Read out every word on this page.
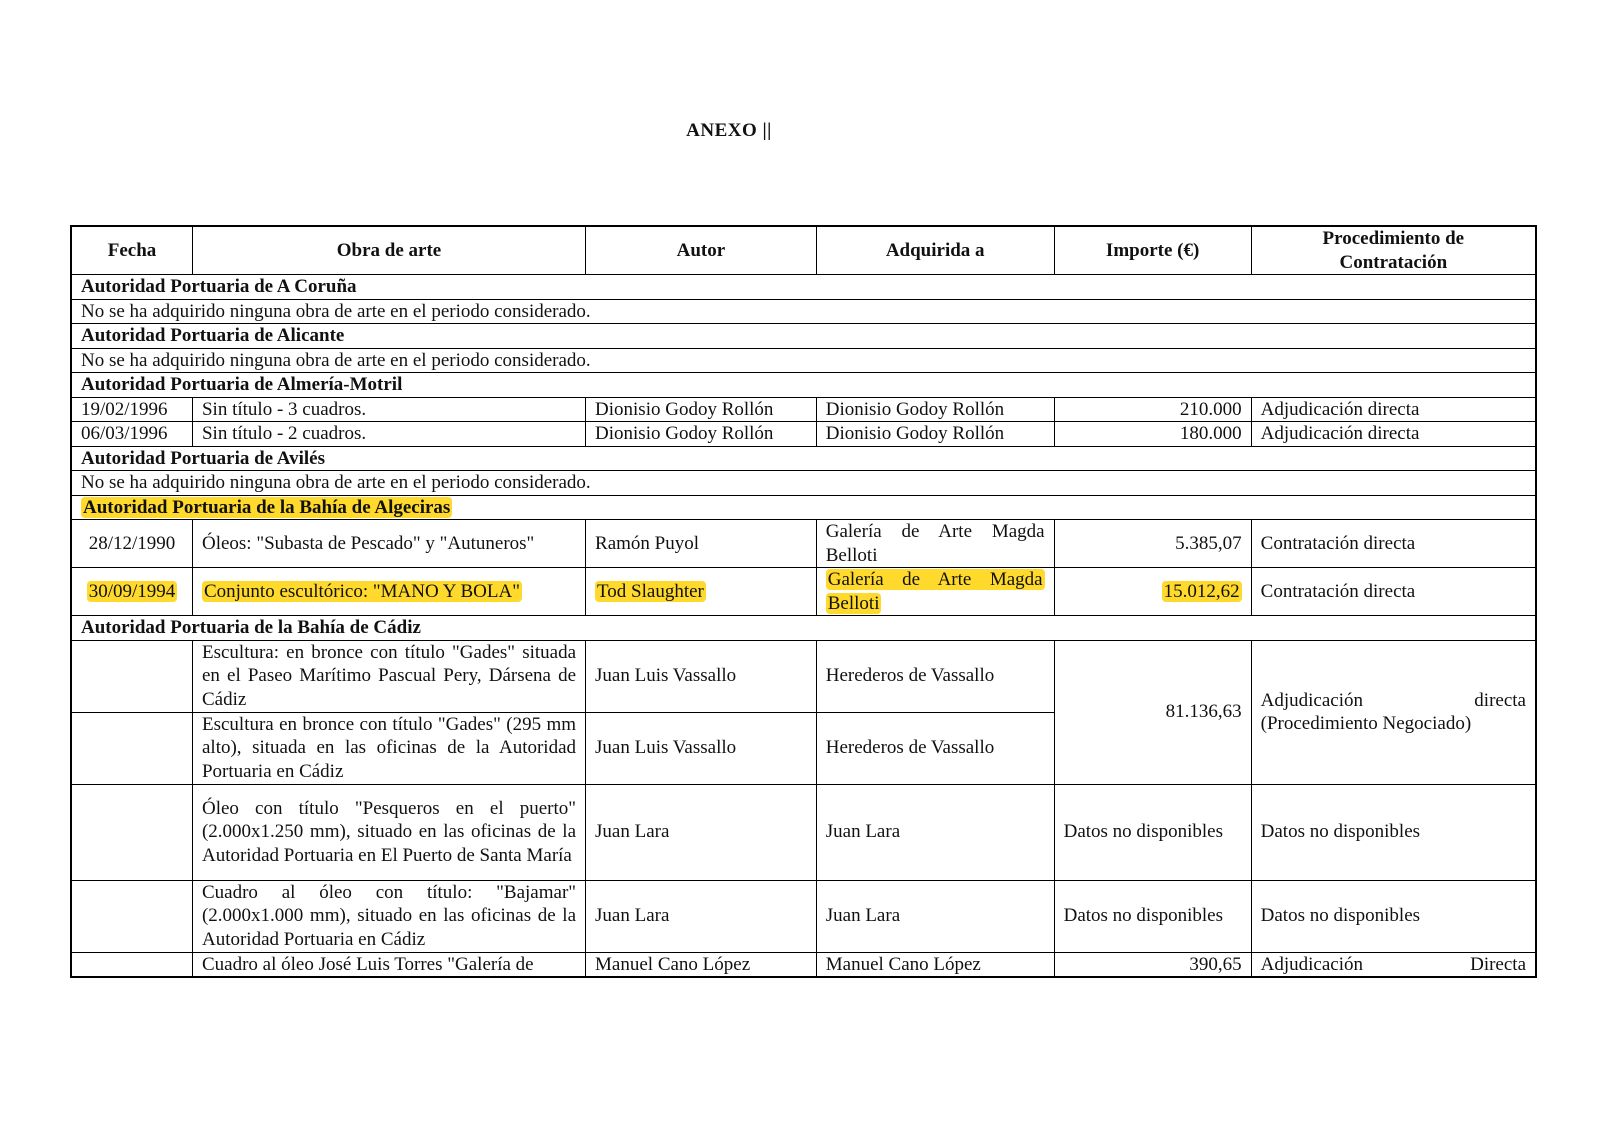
ANEXO ||
Fecha	Obra de arte	Autor	Adquirida a	Importe (€)	Procedimiento de Contratación
Autoridad Portuaria de A Coruña					
No se ha adquirido ninguna obra de arte en el periodo considerado.					
Autoridad Portuaria de Alicante					
No se ha adquirido ninguna obra de arte en el periodo considerado.					
Autoridad Portuaria de Almería-Motril					
19/02/1996	Sin título - 3 cuadros.	Dionisio Godoy Rollón	Dionisio Godoy Rollón	210.000	Adjudicación directa
06/03/1996	Sin título - 2 cuadros.	Dionisio Godoy Rollón	Dionisio Godoy Rollón	180.000	Adjudicación directa
Autoridad Portuaria de Avilés					
No se ha adquirido ninguna obra de arte en el periodo considerado.					
Autoridad Portuaria de la Bahía de Algeciras					
28/12/1990	Óleos: "Subasta de Pescado" y "Autuneros"	Ramón Puyol	Galería de Arte Magda Belloti	5.385,07	Contratación directa
30/09/1994	Conjunto escultórico: "MANO Y BOLA"	Tod Slaughter	Galería de Arte Magda Belloti	15.012,62	Contratación directa
Autoridad Portuaria de la Bahía de Cádiz					
	Escultura: en bronce con título "Gades" situada en el Paseo Marítimo Pascual Pery, Dársena de Cádiz	Juan Luis Vassallo	Herederos de Vassallo	81.136,63	Adjudicación directa (Procedimiento Negociado)
	Escultura en bronce con título "Gades" (295 mm alto), situada en las oficinas de la Autoridad Portuaria en Cádiz	Juan Luis Vassallo	Herederos de Vassallo		
	Óleo con título "Pesqueros en el puerto" (2.000x1.250 mm), situado en las oficinas de la Autoridad Portuaria en El Puerto de Santa María	Juan Lara	Juan Lara	Datos no disponibles	Datos no disponibles
	Cuadro al óleo con título: "Bajamar" (2.000x1.000 mm), situado en las oficinas de la Autoridad Portuaria en Cádiz	Juan Lara	Juan Lara	Datos no disponibles	Datos no disponibles
	Cuadro al óleo José Luis Torres "Galería de	Manuel Cano López	Manuel Cano López	390,65	Adjudicación Directa
